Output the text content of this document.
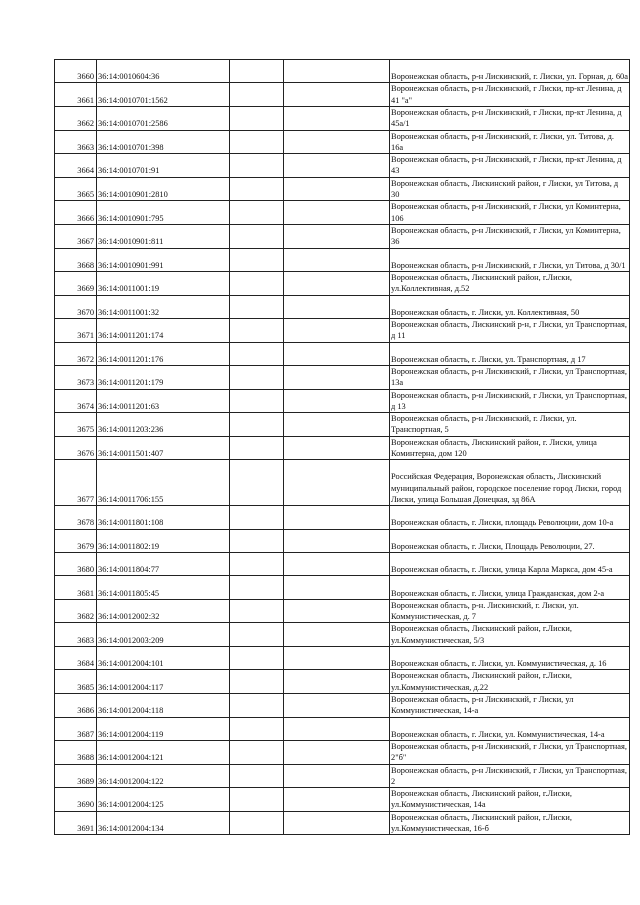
3660	36:14:0010604:36			Воронежская область, р-н Лискинский, г. Лиски, ул. Горная, д. 60а
3661	36:14:0010701:1562			Воронежская область, р-н Лискинский, г Лиски, пр-кт Ленина, д 41 "а"
3662	36:14:0010701:2586			Воронежская область, р-н Лискинский, г Лиски, пр-кт Ленина, д 45а/1
3663	36:14:0010701:398			Воронежская область, р-н Лискинский, г. Лиски, ул. Титова, д. 16а
3664	36:14:0010701:91			Воронежская область, р-н Лискинский, г Лиски, пр-кт Ленина, д 43
3665	36:14:0010901:2810			Воронежская область, Лискинский район, г Лиски, ул Титова, д 30
3666	36:14:0010901:795			Воронежская область, р-н Лискинский, г Лиски, ул Коминтерна, 106
3667	36:14:0010901:811			Воронежская область, р-н Лискинский, г Лиски, ул Коминтерна, 36
3668	36:14:0010901:991			Воронежская область, р-н Лискинский, г Лиски, ул Титова, д 30/1
3669	36:14:0011001:19			Воронежская область, Лискинский район, г.Лиски, ул.Коллективная, д.52
3670	36:14:0011001:32			Воронежская область, г. Лиски, ул. Коллективная, 50
3671	36:14:0011201:174			Воронежская область, Лискинский р-н, г Лиски, ул Транспортная, д 11
3672	36:14:0011201:176			Воронежская область, г. Лиски, ул. Транспортная, д 17
3673	36:14:0011201:179			Воронежская область, р-н Лискинский, г Лиски, ул Транспортная, 13а
3674	36:14:0011201:63			Воронежская область, р-н Лискинский, г Лиски, ул Транспортная, д 13
3675	36:14:0011203:236			Воронежская область, р-н Лискинский, г. Лиски, ул. Транспортная, 5
3676	36:14:0011501:407			Воронежская область, Лискинский район, г. Лиски, улица Коминтерна, дом 120
3677	36:14:0011706:155			Российская Федерация, Воронежская область, Лискинский муниципальный район, городское поселение город Лиски, город Лиски, улица Большая Донецкая, зд 86А
3678	36:14:0011801:108			Воронежская область, г. Лиски, площадь Революции, дом 10-а
3679	36:14:0011802:19			Воронежская область, г. Лиски, Площадь Революции, 27.
3680	36:14:0011804:77			Воронежская область, г. Лиски, улица Карла Маркса, дом 45-а
3681	36:14:0011805:45			Воронежская область, г. Лиски, улица Гражданская, дом 2-а
3682	36:14:0012002:32			Воронежская область, р-н. Лискинский, г. Лиски, ул. Коммунистическая, д. 7
3683	36:14:0012003:209			Воронежская область, Лискинский район, г.Лиски, ул.Коммунистическая, 5/3
3684	36:14:0012004:101			Воронежская область, г. Лиски, ул. Коммунистическая, д. 16
3685	36:14:0012004:117			Воронежская область, Лискинский район, г.Лиски, ул.Коммунистическая, д.22
3686	36:14:0012004:118			Воронежская область, р-н Лискинский, г Лиски, ул Коммунистическая, 14-а
3687	36:14:0012004:119			Воронежская область, г. Лиски, ул. Коммунистическая, 14-а
3688	36:14:0012004:121			Воронежская область, р-н Лискинский, г Лиски, ул Транспортная, 2"б"
3689	36:14:0012004:122			Воронежская область, р-н Лискинский, г Лиски, ул Транспортная, 2
3690	36:14:0012004:125			Воронежская область, Лискинский район, г.Лиски, ул.Коммунистическая, 14а
3691	36:14:0012004:134			Воронежская область, Лискинский район, г.Лиски, ул.Коммунистическая, 16-б
